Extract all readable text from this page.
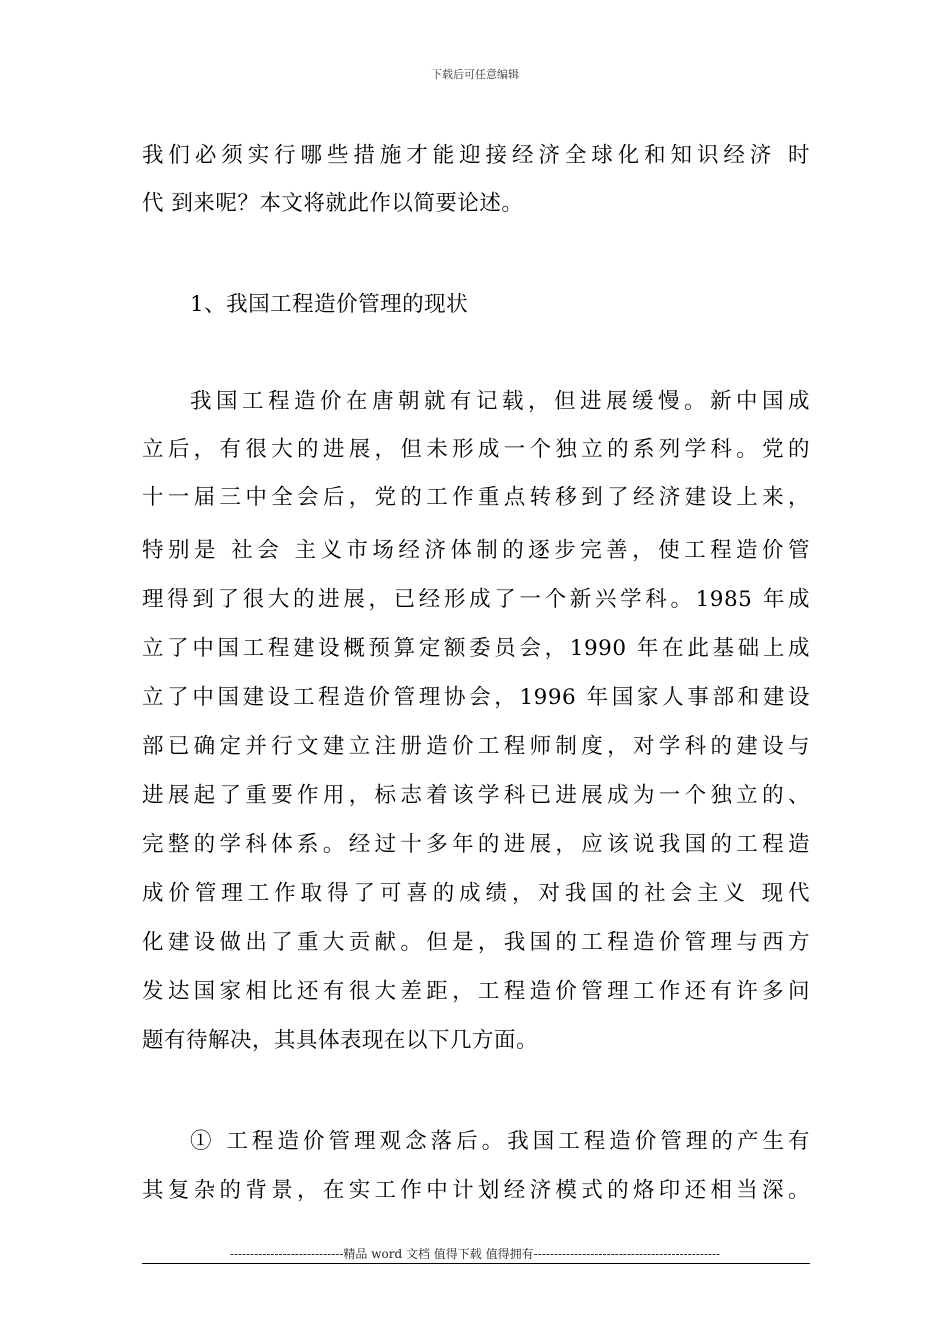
下载后可任意编辑
我们必须实行哪些措施才能迎接经济全球化和知识经济 时
代 到来呢？本文将就此作以简要论述。
1、我国工程造价管理的现状
我国工程造价在唐朝就有记载，但进展缓慢。新中国成
立后，有很大的进展，但未形成一个独立的系列学科。党的
十一届三中全会后，党的工作重点转移到了经济建设上来，
特别是 社会 主义市场经济体制的逐步完善，使工程造价管
理得到了很大的进展，已经形成了一个新兴学科。1985 年成
立了中国工程建设概预算定额委员会，1990 年在此基础上成
立了中国建设工程造价管理协会，1996 年国家人事部和建设
部已确定并行文建立注册造价工程师制度，对学科的建设与
进展起了重要作用，标志着该学科已进展成为一个独立的、
完整的学科体系。经过十多年的进展，应该说我国的工程造
成价管理工作取得了可喜的成绩，对我国的社会主义 现代
化建设做出了重大贡献。但是，我国的工程造价管理与西方
发达国家相比还有很大差距，工程造价管理工作还有许多问
题有待解决，其具体表现在以下几方面。
① 工程造价管理观念落后。我国工程造价管理的产生有
其复杂的背景，在实工作中计划经济模式的烙印还相当深。
----------------------------精品 word 文档 值得下载 值得拥有----------------------------------------------
